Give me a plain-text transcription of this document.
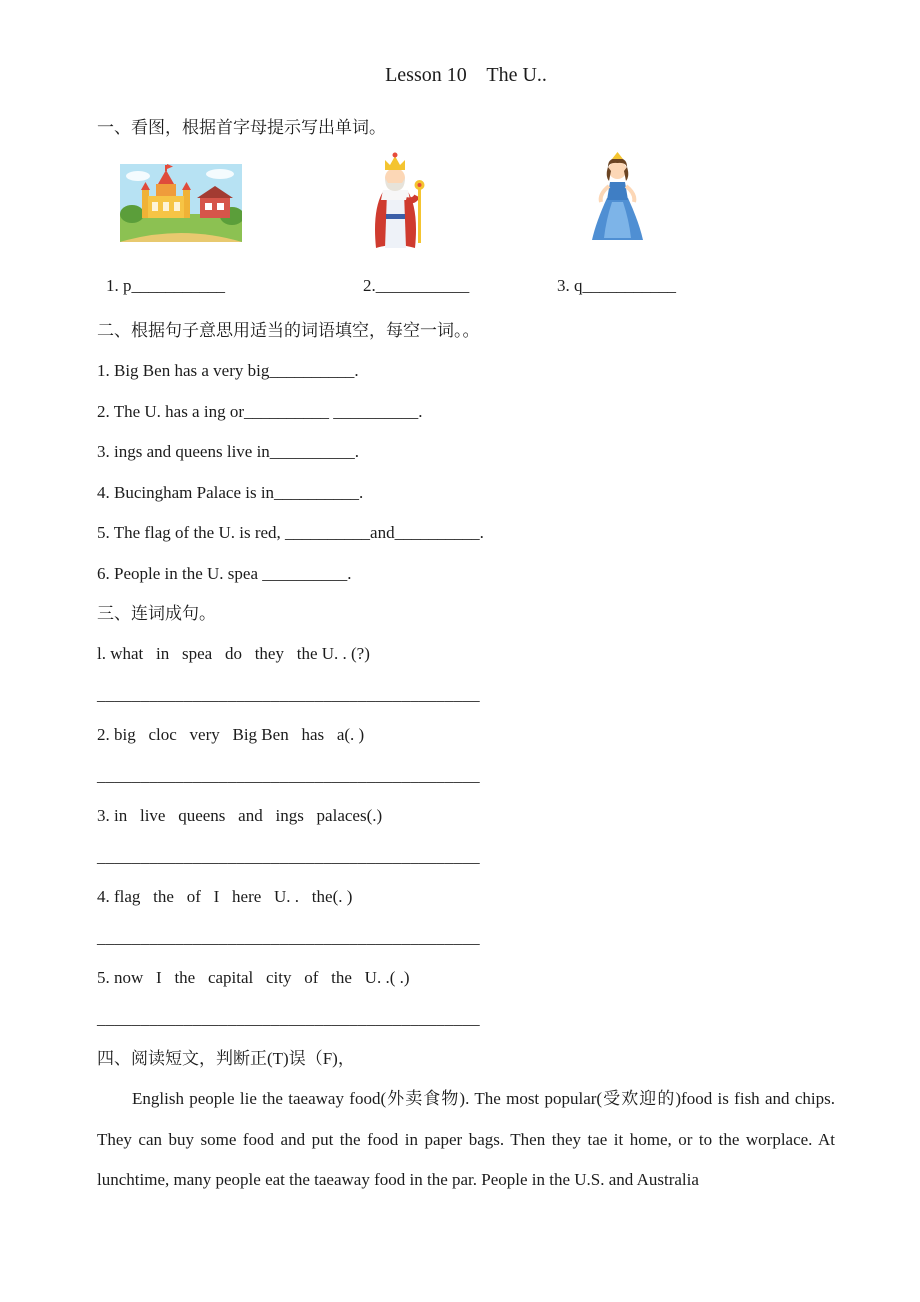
Lesson 10    The U..
一、看图，根据首字母提示写出单词。
1. p___________	2.___________	3. q___________
二、根据句子意思用适当的词语填空，每空一词。。
1. Big Ben has a very big__________.
2. The U. has a ing or__________ __________.
3. ings and queens live in__________.
4. Bucingham Palace is in__________.
5. The flag of the U. is red, __________and__________.
6. People in the U. spea __________.
三、连词成句。
l. what   in   spea   do   they   the U. . (?)
____________________________________________
2. big   cloc   very   Big Ben   has   a(. )
____________________________________________
3. in   live   queens   and   ings   palaces(.)
____________________________________________
4. flag   the   of   I   here   U. .   the(. )
____________________________________________
5. now   I   the   capital   city   of   the   U. .( .)
____________________________________________
四、阅读短文，判断正(T)误（F)，

English people lie the taeaway food(外卖食物). The most popular(受欢迎的)food is fish and chips. They can buy some food and put the food in paper bags. Then they tae it home, or to the worplace. At lunchtime, many people eat the taeaway food in the par. People in the U.S. and Australia
